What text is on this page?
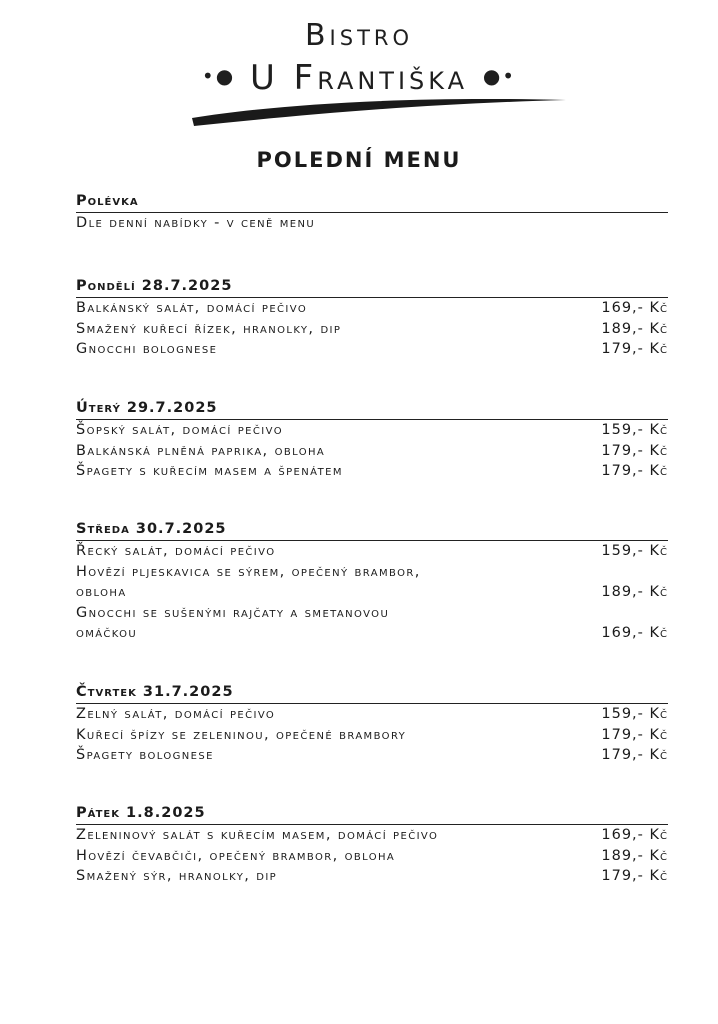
Bistro
•● U Františka ●•
POLEDNÍ MENU
Polévka
Dle denní nabídky - v ceně menu
Pondělí 28.7.2025
Balkánský salát, domácí pečivo	169,- Kč
Smažený kuřecí řízek, hranolky, dip	189,- Kč
Gnocchi bolognese	179,- Kč
Úterý 29.7.2025
Šopský salát, domácí pečivo	159,- Kč
Balkánská plněná paprika, obloha	179,- Kč
Špagety s kuřecím masem a špenátem	179,- Kč
Středa 30.7.2025
Řecký salát, domácí pečivo	159,- Kč
Hovězí pljeskavica se sýrem, opečený brambor,
obloha	189,- Kč
Gnocchi se sušenými rajčaty a smetanovou
omáčkou	169,- Kč
Čtvrtek 31.7.2025
Zelný salát, domácí pečivo	159,- Kč
Kuřecí špízy se zeleninou, opečené brambory	179,- Kč
Špagety bolognese	179,- Kč
Pátek 1.8.2025
Zeleninový salát s kuřecím masem, domácí pečivo	169,- Kč
Hovězí čevabčiči, opečený brambor, obloha	189,- Kč
Smažený sýr, hranolky, dip	179,- Kč
